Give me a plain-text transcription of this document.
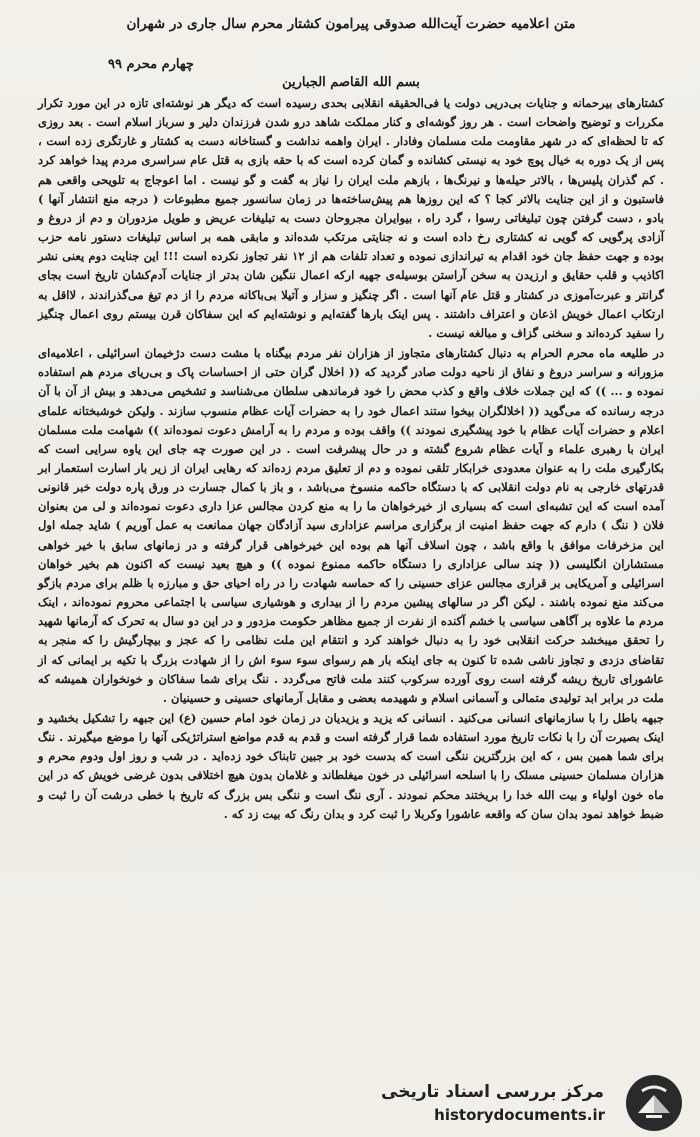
متن اعلامیه حضرت آیت‌الله صدوقی پیرامون کشتار محرم سال جاری در شهران

چهارم محرم ۹۹

بسم الله القاصم الجبارین

کشتارهای بیرحمانه و جنایات بی‌دریی دولت یا فی‌الحقیقه انقلابی بحدی رسیده است که دیگر هر نوشته‌ای تازه در این مورد تکرار مکررات و توضیح واضحات است . هر روز گوشه‌ای و کنار مملکت شاهد درو شدن فرزندان دلیر و سرباز اسلام است . بعد روزی که تا لحظه‌ای که در شهر مقاومت ملت مسلمان وفادار . ایران واهمه نداشت و گستاخانه دست به کشتار و غارتگری زده است ، پس از یک دوره به خیال پوچ خود به نیستی کشانده و گمان کرده است که با حقه بازی به قتل عام سراسری مردم پیدا خواهد کرد . کم گذران پلیس‌ها ، بالاتر حیله‌ها و نیرنگ‌ها ، بازهم ملت ایران را نیاز به گفت و گو نیست . اما اعوجاج به تلویحی واقعی هم فاستبون و از این جنایت بالاتر کجا ؟ که این روزها هم پیش‌ساخته‌ها در زمان سانسور جمیع مطبوعات ( درجه منع انتشار آنها ) بادو ، دست گرفتن چون تبلیغاتی رسوا ، گرد راه ، بیوایران مجروحان دست به تبلیغات عریض و طویل مزدوران و دم از دروغ و آزادی پرگویی که گویی نه کشتاری رخ داده است و نه جنایتی مرتکب شده‌اند و مابقی همه بر اساس تبلیغات دستور نامه حزب بوده و جهت حفظ جان خود اقدام به تیراندازی نموده و تعداد تلفات هم از ۱۲ نفر تجاوز نکرده است !!! این جنایت دوم یعنی نشر اکاذیب و قلب حقایق و ارزیدن به سخن آراستن بوسیله‌ی جهیه ارکه اعمال ننگین شان بدتر از جنایات آدم‌کشان تاریخ است بجای گرانتر و عبرت‌آموزی در کشتار و قتل عام آنها است . اگر چنگیز و سزار و آتیلا بی‌باکانه مردم را از دم تیغ می‌گذراندند ، لااقل به ارتکاب اعمال خویش اذعان و اعتراف داشتند . پس اینک بارها گفته‌ایم و نوشته‌ایم که این سفاکان قرن بیستم روی اعمال چنگیز را سفید کرده‌اند و سخنی گزاف و مبالغه نیست .

در طلیعه ماه محرم الحرام به دنبال کشتارهای متجاوز از هزاران نفر مردم بیگناه با مشت دست دژخیمان اسرائیلی ، اعلامیه‌ای مزورانه و سراسر دروغ و نفاق از ناحیه دولت صادر گردید که (( اخلال گران حتی از احساسات پاک و بی‌ریای مردم هم استفاده نموده و ... )) که این جملات خلاف واقع و کذب محض را خود فرماندهی سلطان می‌شناسد و تشخیص می‌دهد و بیش از آن با آن درجه رسانده که می‌گوید (( اخلالگران بیخوا ستند اعمال خود را به حضرات آیات عظام منسوب سازند . ولیکن خوشبختانه علمای اعلام و حضرات آیات عظام با خود پیشگیری نمودند )) واقف بوده و مردم را به آرامش دعوت نموده‌اند )) شهامت ملت مسلمان ایران با رهبری علماء و آیات عظام شروع گشته و در حال پیشرفت است . در این صورت چه جای این یاوه سرایی است که بکارگیری ملت را به عنوان معدودی خرابکار تلقی نموده و دم از تعلیق مردم زده‌اند که رهایی ایران از زیر بار اسارت استعمار ابر قدرتهای خارجی به نام دولت انقلابی که با دستگاه حاکمه منسوخ می‌باشد ، و باز با کمال جسارت در ورق پاره دولت خبر قانونی آمده است که این تشبه‌ای است که بسیاری از خیرخواهان ما را به منع کردن مجالس عزا داری دعوت نموده‌اند و لی من بعنوان فلان ( ننگ ) دارم که جهت حفظ امنیت از برگزاری مراسم عزاداری سید آزادگان جهان ممانعت به عمل آوریم ) شاید جمله اول این مزخرفات موافق با واقع باشد ، چون اسلاف آنها هم بوده این خیرخواهی قرار گرفته و در زمانهای سابق با خیر خواهی مستشاران انگلیسی (( چند سالی عزاداری را دستگاه حاکمه ممنوع نموده )) و هیچ بعید نیست که اکنون هم بخیر خواهان اسرائیلی و آمریکایی بر قراری مجالس عزای حسینی را که حماسه شهادت را در راه احیای حق و مبارزه با ظلم برای مردم بازگو می‌کند منع نموده باشند . لیکن اگر در سالهای پیشین مردم را از بیداری و هوشیاری سیاسی با اجتماعی محروم نموده‌اند ، اینک مردم ما علاوه بر آگاهی سیاسی با خشم آکنده از نفرت از جمیع مظاهر حکومت مزدور و در این دو سال به تحرک که آرمانها شهید را تحقق میبخشد حرکت انقلابی خود را به دنبال خواهند کرد و انتقام این ملت نظامی را که عجز و بیچارگیش را که منجر به تقاضای دزدی و تجاوز ناشی شده تا کنون به جای اینکه بار هم رسوای سوء سوء اش را از شهادت بزرگ با تکیه بر ایمانی که از عاشورای تاریخ ریشه گرفته است روی آورده سرکوب کنند ملت فاتح می‌گردد . ننگ برای شما سفاکان و خونخواران همیشه که ملت در برابر ابد تولیدی متمالی و آسمانی اسلام و شهیدمه بعضی و مقابل آرمانهای حسینی و حسینیان .

جبهه باطل را با سازمانهای انسانی می‌کنید . انسانی که یزید و یزیدیان در زمان خود امام حسین (ع) این جبهه را تشکیل بخشید و اینک بصیرت آن را با نکات تاریخ مورد استفاده شما قرار گرفته است و قدم به قدم مواضع استراتژیکی آنها را موضع میگیرند . ننگ برای شما همین بس ، که این بزرگترین ننگی است که بدست خود بر جبین تابناک خود زده‌اید . در شب و روز اول ودوم محرم و هزاران مسلمان حسینی مسلک را با اسلحه اسرائیلی در خون میغلطاند و غلامان بدون هیچ اختلافی بدون غرضی خویش که در این ماه خون اولیاء و بیت الله خدا را بریختند محکم نمودند . آری ننگ است و ننگی بس بزرگ که تاریخ با خطی درشت آن را ثبت و ضبط خواهد نمود بدان سان که واقعه عاشورا وکربلا را ثبت کرد و بدان رنگ که بیت زد که .

مرکز بررسی اسناد تاریخی
historydocuments.ir
